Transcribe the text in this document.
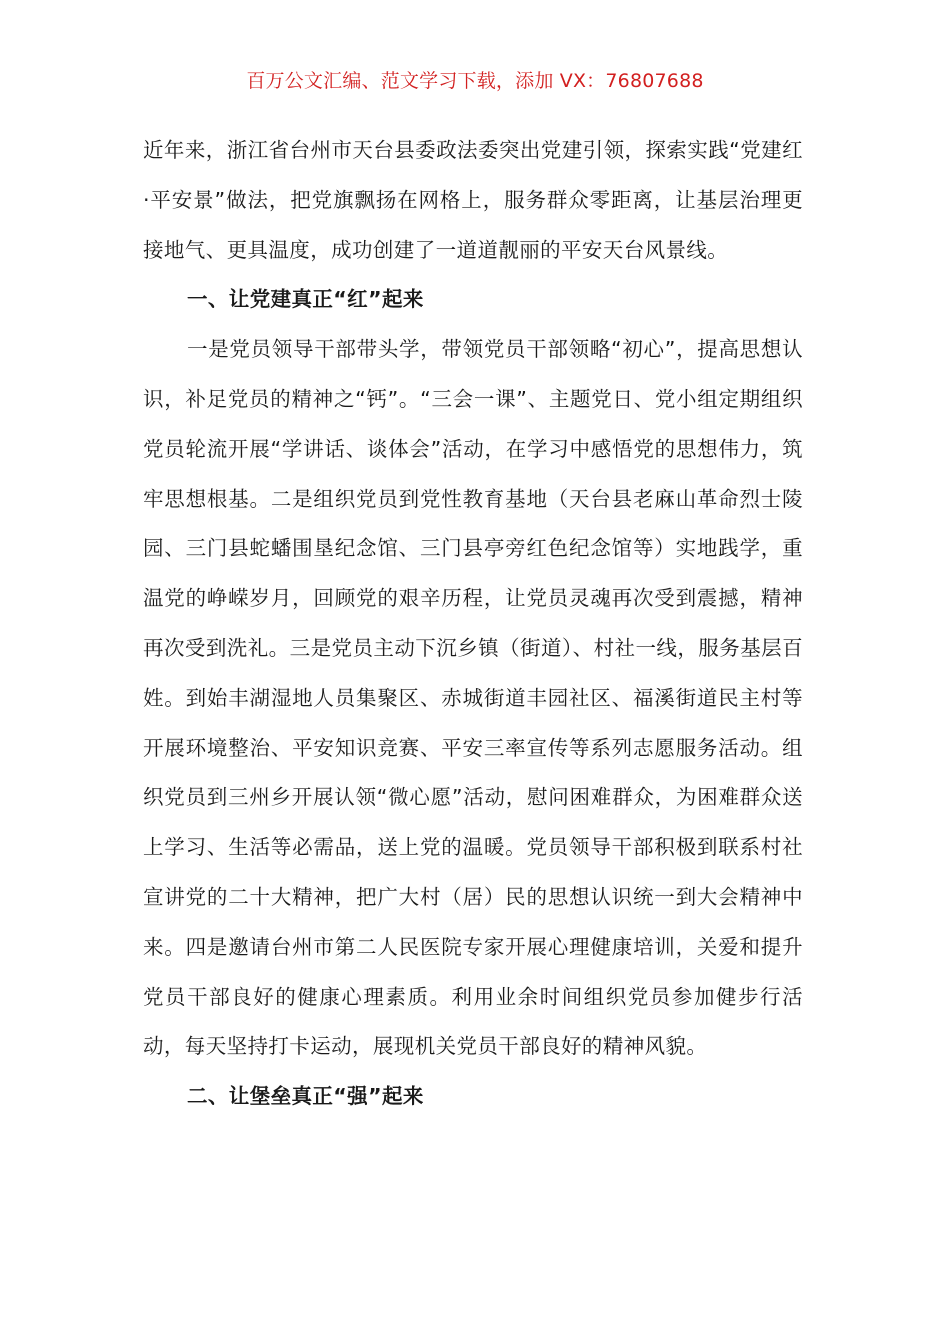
百万公文汇编、范文学习下载，添加 VX：76807688

近年来，浙江省台州市天台县委政法委突出党建引领，探索实践“党建红·平安景”做法，把党旗飘扬在网格上，服务群众零距离，让基层治理更接地气、更具温度，成功创建了一道道靓丽的平安天台风景线。

一、让党建真正“红”起来

一是党员领导干部带头学，带领党员干部领略“初心”，提高思想认识，补足党员的精神之“钙”。“三会一课”、主题党日、党小组定期组织党员轮流开展“学讲话、谈体会”活动，在学习中感悟党的思想伟力，筑牢思想根基。二是组织党员到党性教育基地（天台县老麻山革命烈士陵园、三门县蛇蟠围垦纪念馆、三门县亭旁红色纪念馆等）实地践学，重温党的峥嵘岁月，回顾党的艰辛历程，让党员灵魂再次受到震撼，精神再次受到洗礼。三是党员主动下沉乡镇（街道）、村社一线，服务基层百姓。到始丰湖湿地人员集聚区、赤城街道丰园社区、福溪街道民主村等开展环境整治、平安知识竞赛、平安三率宣传等系列志愿服务活动。组织党员到三州乡开展认领“微心愿”活动，慰问困难群众，为困难群众送上学习、生活等必需品，送上党的温暖。党员领导干部积极到联系村社宣讲党的二十大精神，把广大村（居）民的思想认识统一到大会精神中来。四是邀请台州市第二人民医院专家开展心理健康培训，关爱和提升党员干部良好的健康心理素质。利用业余时间组织党员参加健步行活动，每天坚持打卡运动，展现机关党员干部良好的精神风貌。

二、让堡垒真正“强”起来
